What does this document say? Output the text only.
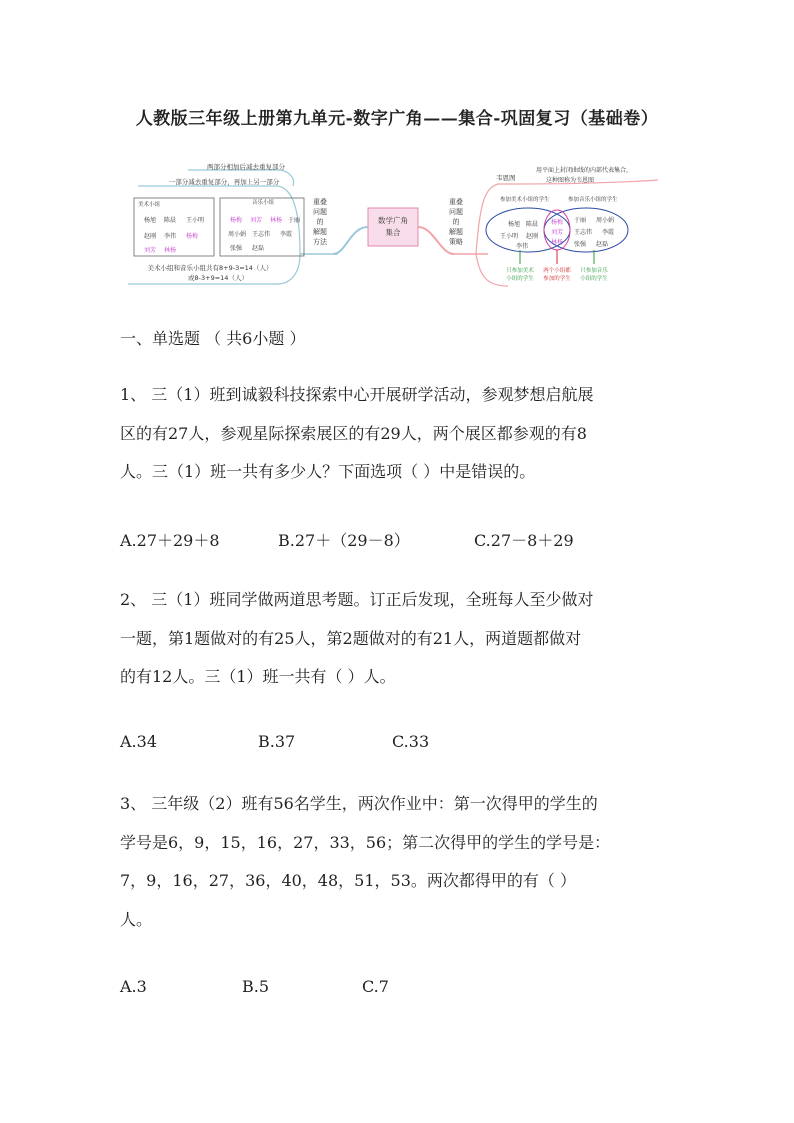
人教版三年级上册第九单元-数字广角——集合-巩固复习（基础卷）
数学广角
集合
重叠
问题
的
解题
方法
重叠
问题
的
解题
策略
两部分相加后减去重复部分
一部分减去重复部分，再加上另一部分
美术小组
杨旭 陈晨 王小明
赵刚 李伟
刘芳 林杨
杨梅
音乐小组
杨梅 刘芳 林杨 于丽
周小娟 王志伟 李霞
张强 赵磊
美术小组和音乐小组共有8+9-3=14（人）
或8-3+9=14（人）
韦恩图
用平面上封闭曲线的内部代表集合，
这种图称为韦恩图
参加美术小组的学生	参加音乐小组的学生
杨旭 陈晨
王小明 赵刚
李伟
杨梅
刘芳
林杨
于丽 周小娟
王志伟 李霞
张强 赵磊
只参加美术
小组的学生
两个小组都
参加的学生
只参加音乐
小组的学生
一、单选题 （ 共6小题 ）
1、 三（1）班到诚毅科技探索中心开展研学活动，参观梦想启航展
区的有27人，参观星际探索展区的有29人，两个展区都参观的有8
人。三（1）班一共有多少人？下面选项（ ）中是错误的。

A.27＋29＋8

	B.27＋（29－8）

	C.27－8＋29

2、 三（1）班同学做两道思考题。订正后发现，全班每人至少做对
一题，第1题做对的有25人，第2题做对的有21人，两道题都做对
的有12人。三（1）班一共有（ ）人。

A.34

	B.37

	C.33

3、 三年级（2）班有56名学生，两次作业中：第一次得甲的学生的
学号是6，9，15，16，27，33，56；第二次得甲的学生的学号是：
7，9，16，27，36，40，48，51，53。两次都得甲的有（ ）
人。

A.3

	B.5

	C.7
